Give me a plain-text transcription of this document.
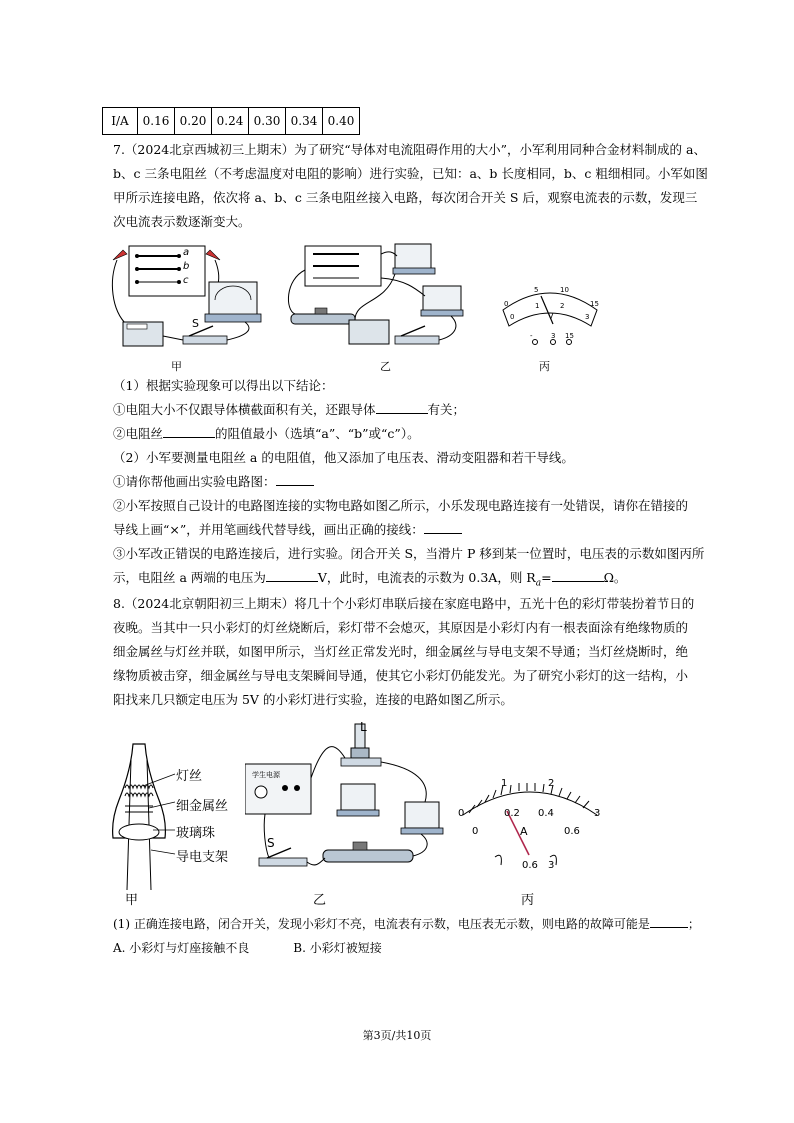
I/A	0.16	0.20	0.24	0.30	0.34	0.40
7.（2024北京西城初三上期末）为了研究“导体对电流阻碍作用的大小”，小军利用同种合金材料制成的 a、
b、c 三条电阻丝（不考虑温度对电阻的影响）进行实验，已知：a、b 长度相同，b、c 粗细相同。小军如图
甲所示连接电路，依次将 a、b、c 三条电阻丝接入电路，每次闭合开关 S 后，观察电流表的示数，发现三
次电流表示数逐渐变大。
a
b
c
S
0
5	10
15
0
1	2
3
V
-	3 15
甲	乙	丙
（1）根据实验现象可以得出以下结论：
①电阻大小不仅跟导体横截面积有关，还跟导体	有关；
②电阻丝	的阻值最小（选填“a”、“b”或“c”）。
（2）小军要测量电阻丝 a 的电阻值，他又添加了电压表、滑动变阻器和若干导线。
①请你帮他画出实验电路图：
②小军按照自己设计的电路图连接的实物电路如图乙所示，小乐发现电路连接有一处错误，请你在错接的
导线上画“×”，并用笔画线代替导线，画出正确的接线：
③小军改正错误的电路连接后，进行实验。闭合开关 S，当滑片 P 移到某一位置时，电压表的示数如图丙所
示，电阻丝 a 两端的电压为	V，此时，电流表的示数为 0.3A，则 $R_a=$	Ω。
8.（2024北京朝阳初三上期末）将几十个小彩灯串联后接在家庭电路中，五光十色的彩灯带装扮着节日的
夜晚。当其中一只小彩灯的灯丝烧断后，彩灯带不会熄灭，其原因是小彩灯内有一根表面涂有绝缘物质的
细金属丝与灯丝并联，如图甲所示，当灯丝正常发光时，细金属丝与导电支架不导通；当灯丝烧断时，绝
缘物质被击穿，细金属丝与导电支架瞬间导通，使其它小彩灯仍能发光。为了研究小彩灯的这一结构，小
阳找来几只额定电压为 5V 的小彩灯进行实验，连接的电路如图乙所示。
灯丝
细金属丝
玻璃珠
导电支架
L
学生电源
S
0
1	2
3
0
0.2 0.4
0.6
A
0.6 3
甲	乙	丙
(1) 正确连接电路，闭合开关，发现小彩灯不亮，电流表有示数，电压表无示数，则电路的故障可能是	；
A. 小彩灯与灯座接触不良	B. 小彩灯被短接
第3页/共10页
